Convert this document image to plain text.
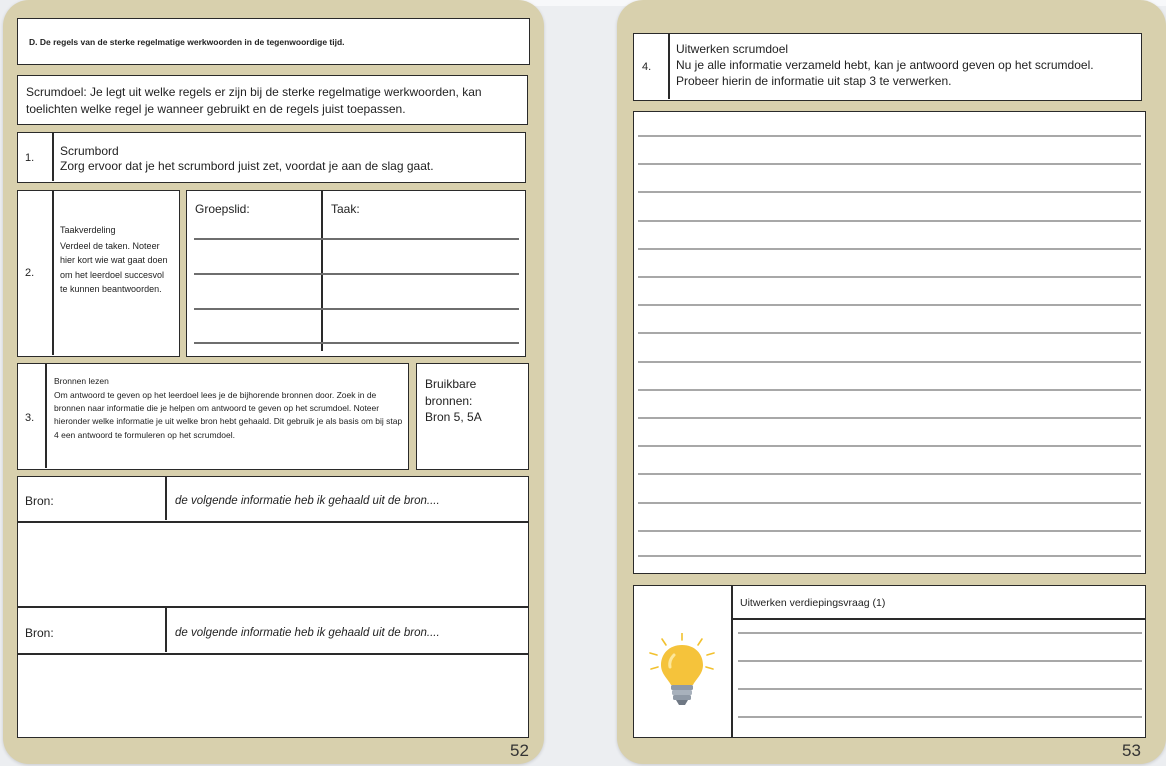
D. De regels van de sterke regelmatige werkwoorden in de tegenwoordige tijd.
Scrumdoel: Je legt uit welke regels er zijn bij de sterke regelmatige werkwoorden, kan toelichten welke regel je wanneer gebruikt en de regels juist toepassen.
1. Scrumbord
Zorg ervoor dat je het scrumbord juist zet, voordat je aan de slag gaat.
2.
Taakverdeling
Verdeel de taken. Noteer hier kort wie wat gaat doen om het leerdoel succesvol te kunnen beantwoorden.
Groepslid:	Taak:
3.
Bronnen lezen
Om antwoord te geven op het leerdoel lees je de bijhorende bronnen door. Zoek in de bronnen naar informatie die je helpen om antwoord te geven op het scrumdoel. Noteer hieronder welke informatie je uit welke bron hebt gehaald. Dit gebruik je als basis om bij stap 4 een antwoord te formuleren op het scrumdoel.
Bruikbare bronnen:
Bron 5, 5A
Bron:	de volgende informatie heb ik gehaald uit de bron....
Bron:	de volgende informatie heb ik gehaald uit de bron....
52
4.
Uitwerken scrumdoel
Nu je alle informatie verzameld hebt, kan je antwoord geven op het scrumdoel.
Probeer hierin de informatie uit stap 3 te verwerken.
Uitwerken verdiepingsvraag (1)
53
